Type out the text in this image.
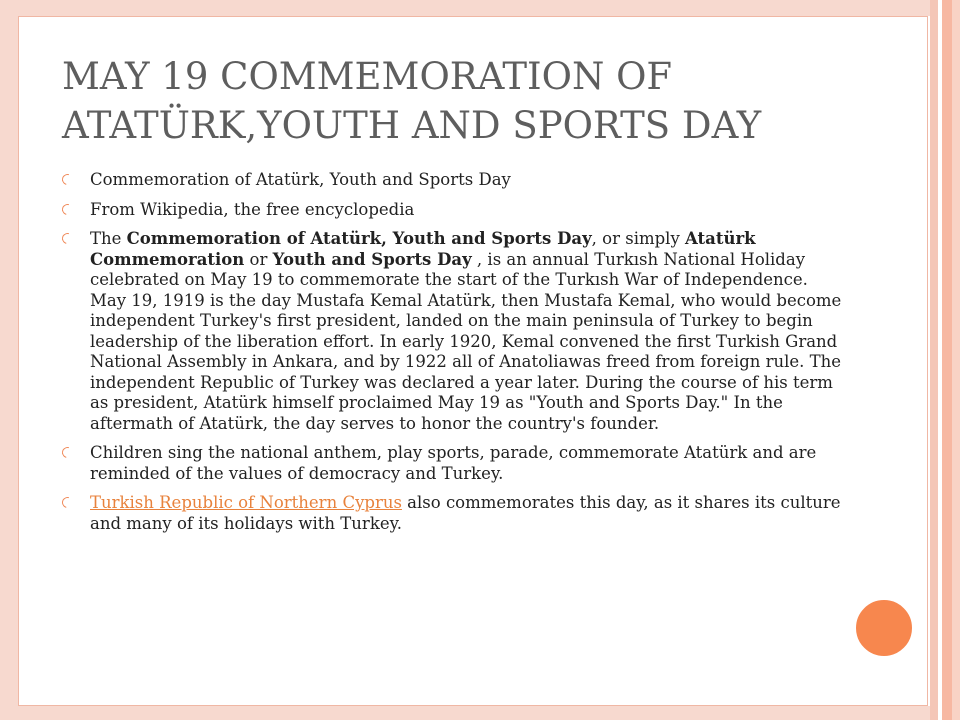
MAY 19 COMMEMORATION OF
ATATÜRK,YOUTH AND SPORTS DAY
Commemoration of Atatürk, Youth and Sports Day
From Wikipedia, the free encyclopedia
The Commemoration of Atatürk, Youth and Sports Day, or simply Atatürk Commemoration or Youth and Sports Day , is an annual Turkısh National Holiday celebrated on May 19 to commemorate the start of the Turkısh War of Independence. May 19, 1919 is the day Mustafa Kemal Atatürk, then Mustafa Kemal, who would become independent Turkey's first president, landed on the main peninsula of Turkey to begin leadership of the liberation effort. In early 1920, Kemal convened the first Turkish Grand National Assembly in Ankara, and by 1922 all of Anatoliawas freed from foreign rule. The independent Republic of Turkey was declared a year later. During the course of his term as president, Atatürk himself proclaimed May 19 as "Youth and Sports Day." In the aftermath of Atatürk, the day serves to honor the country's founder.
Children sing the national anthem, play sports, parade, commemorate Atatürk and are reminded of the values of democracy and Turkey.
Turkish Republic of Northern Cyprus also commemorates this day, as it shares its culture and many of its holidays with Turkey.
